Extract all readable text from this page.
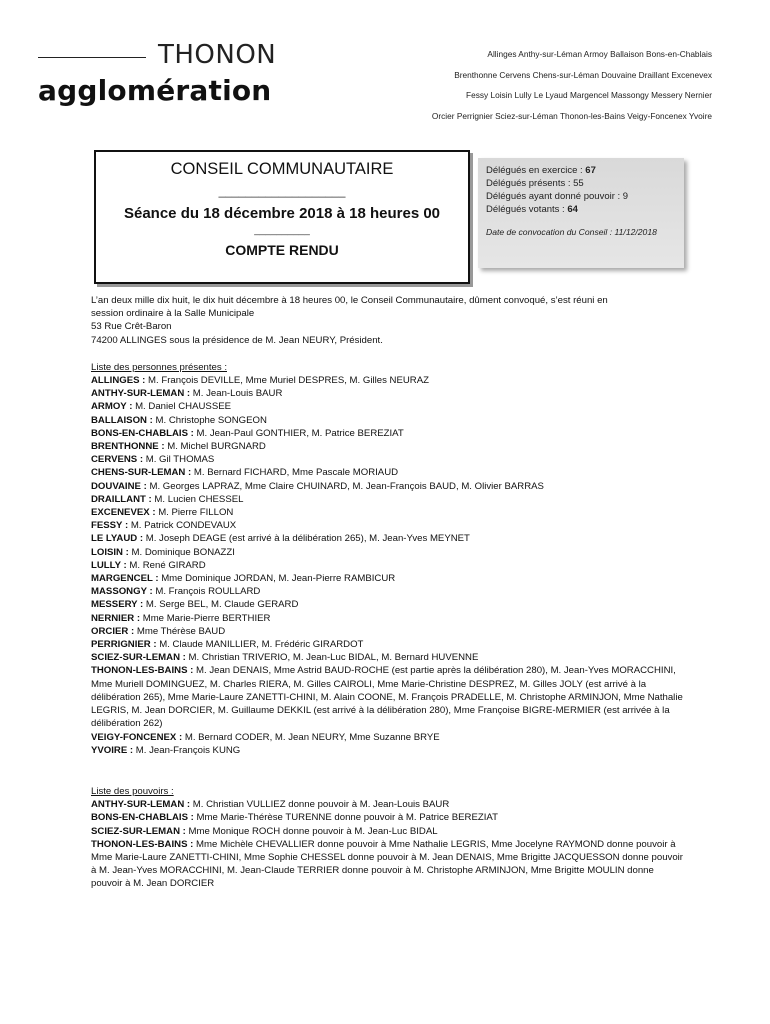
THONON
agglomération
Allinges Anthy-sur-Léman Armoy Ballaison Bons-en-Chablais
Brenthonne Cervens Chens-sur-Léman Douvaine Draillant Excenevex
Fessy Loisin Lully Le Lyaud Margencel Massongy Messery Nernier
Orcier Perrignier Sciez-sur-Léman Thonon-les-Bains Veigy-Foncenex Yvoire
CONSEIL COMMUNAUTAIRE
___________________
Séance du 18 décembre 2018 à 18 heures 00
__________
COMPTE RENDU
Délégués en exercice : 67
Délégués présents : 55
Délégués ayant donné pouvoir : 9
Délégués votants : 64
Date de convocation du Conseil : 11/12/2018

L’an deux mille dix huit, le dix huit décembre à 18 heures 00, le Conseil Communautaire, dûment convoqué, s’est réuni en

session ordinaire à la Salle Municipale

53 Rue Crêt-Baron

74200 ALLINGES sous la présidence de M. Jean NEURY, Président.

Liste des personnes présentes :

ALLINGES : M. François DEVILLE, Mme Muriel DESPRES, M. Gilles NEURAZ

ANTHY-SUR-LEMAN : M. Jean-Louis BAUR

ARMOY : M. Daniel CHAUSSEE

BALLAISON : M. Christophe SONGEON

BONS-EN-CHABLAIS : M. Jean-Paul GONTHIER, M. Patrice BEREZIAT

BRENTHONNE : M. Michel BURGNARD

CERVENS : M. Gil THOMAS

CHENS-SUR-LEMAN : M. Bernard FICHARD, Mme Pascale MORIAUD

DOUVAINE : M. Georges LAPRAZ, Mme Claire CHUINARD, M. Jean-François BAUD, M. Olivier BARRAS

DRAILLANT : M. Lucien CHESSEL

EXCENEVEX : M. Pierre FILLON

FESSY : M. Patrick CONDEVAUX

LE LYAUD : M. Joseph DEAGE (est arrivé à la délibération 265), M. Jean-Yves MEYNET

LOISIN : M. Dominique BONAZZI

LULLY : M. René GIRARD

MARGENCEL : Mme Dominique JORDAN, M. Jean-Pierre RAMBICUR

MASSONGY : M. François ROULLARD

MESSERY : M. Serge BEL, M. Claude GERARD

NERNIER : Mme Marie-Pierre BERTHIER

ORCIER : Mme Thérèse BAUD

PERRIGNIER : M. Claude MANILLIER, M. Frédéric GIRARDOT

SCIEZ-SUR-LEMAN : M. Christian TRIVERIO, M. Jean-Luc BIDAL, M. Bernard HUVENNE

THONON-LES-BAINS : M. Jean DENAIS, Mme Astrid BAUD-ROCHE (est partie après la délibération 280), M. Jean-Yves MORACCHINI, Mme Muriell DOMINGUEZ, M. Charles RIERA, M. Gilles CAIROLI, Mme Marie-Christine DESPREZ, M. Gilles JOLY (est arrivé à la délibération 265), Mme Marie-Laure ZANETTI-CHINI, M. Alain COONE, M. François PRADELLE, M. Christophe ARMINJON, Mme Nathalie LEGRIS, M. Jean DORCIER, M. Guillaume DEKKIL (est arrivé à la délibération 280), Mme Françoise BIGRE-MERMIER (est arrivée à la délibération 262)

VEIGY-FONCENEX : M. Bernard CODER, M. Jean NEURY, Mme Suzanne BRYE

YVOIRE : M. Jean-François KUNG

Liste des pouvoirs :

ANTHY-SUR-LEMAN : M. Christian VULLIEZ donne pouvoir à M. Jean-Louis BAUR

BONS-EN-CHABLAIS : Mme Marie-Thérèse TURENNE donne pouvoir à M. Patrice BEREZIAT

SCIEZ-SUR-LEMAN : Mme Monique ROCH donne pouvoir à M. Jean-Luc BIDAL

THONON-LES-BAINS : Mme Michèle CHEVALLIER donne pouvoir à Mme Nathalie LEGRIS, Mme Jocelyne RAYMOND donne pouvoir à Mme Marie-Laure ZANETTI-CHINI, Mme Sophie CHESSEL donne pouvoir à M. Jean DENAIS, Mme Brigitte JACQUESSON donne pouvoir à M. Jean-Yves MORACCHINI, M. Jean-Claude TERRIER donne pouvoir à M. Christophe ARMINJON, Mme Brigitte MOULIN donne pouvoir à M. Jean DORCIER
